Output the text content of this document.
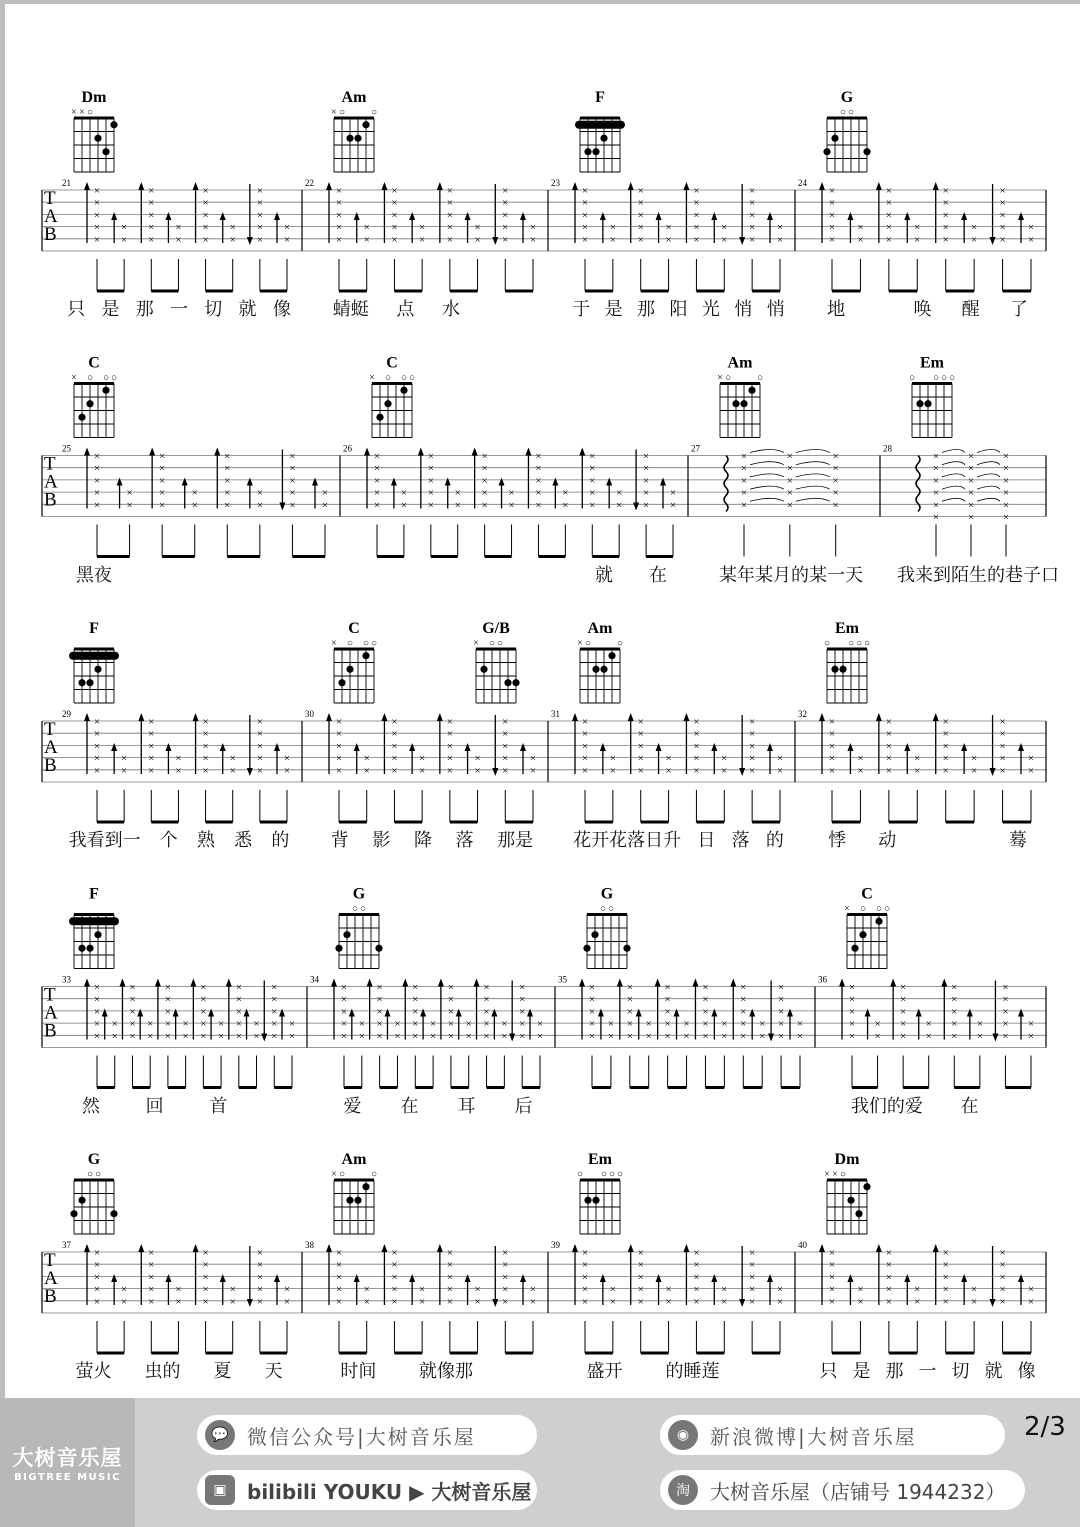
T
A
B
Dm
× × ○
×
×
×
×
×
×
×
×
×
×
×
×
×
×
×
×
×
×
×
×
×
×
×
×
×
×
×
×
Am
× ○	○
×
×
×
×
×
×
×
×
×
×
×
×
×
×
×
×
×
×
×
×
×
×
×
×
×
×
×
×
F
×
×
×
×
×
×
×
×
×
×
×
×
×
×
×
×
×
×
×
×
×
×
×
×
×
×
×
×
G
○ ○
×
×
×
×
×
×
×
×
×
×
×
×
×
×
×
×
×
×
×
×
×
×
×
×
×
×
×
×
21	22	23	24
T
A
B
C
× ○ ○ ○
×
×
×
×
×
×
×
×
×
×
×
×
×
×
×
×
×
×
×
×
×
×
×
×
×
×
×
×
C
× ○ ○ ○
×
×
×
×
×
×
×
×
×
×
×
×
×
×
×
×
×
×
×
×
×
×
×
×
×
×
×
×
×
×
×
×
×
×
×
×
×
×
×
×
×
×
Am
× ○	○
×
×
×
×
×
×
×
×
×
×
×
×
×
×
×
Em
○ ○ ○ ○
×
×
×
×
×
×
×
×
×
×
×
×
×
×
×
×
×
×
25	26	27	28
T
A
B
F
×
×
×
×
×
×
×
×
×
×
×
×
×
×
×
×
×
×
×
×
×
×
×
×
×
×
×
×
C
× ○ ○ ○
G/B
× ○ ○
×
×
×
×
×
×
×
×
×
×
×
×
×
×
×
×
×
×
×
×
×
×
×
×
×
×
×
×
Am
× ○	○
×
×
×
×
×
×
×
×
×
×
×
×
×
×
×
×
×
×
×
×
×
×
×
×
×
×
×
×
Em
○ ○ ○ ○
×
×
×
×
×
×
×
×
×
×
×
×
×
×
×
×
×
×
×
×
×
×
×
×
×
×
×
×
29	30	31	32
T
A
B
F
×
×
×
×
×
×
×
×
×
×
×
×
×
×
×
×
×
×
×
×
×
×
×
×
×
×
×
×
×
×
×
×
×
×
×
×
×
×
×
×
×
×
G
○ ○
×
×
×
×
×
×
×
×
×
×
×
×
×
×
×
×
×
×
×
×
×
×
×
×
×
×
×
×
×
×
×
×
×
×
×
×
×
×
×
×
×
×
G
○ ○
×
×
×
×
×
×
×
×
×
×
×
×
×
×
×
×
×
×
×
×
×
×
×
×
×
×
×
×
×
×
×
×
×
×
×
×
×
×
×
×
×
×
C
× ○ ○ ○
×
×
×
×
×
×
×
×
×
×
×
×
×
×
×
×
×
×
×
×
×
×
×
×
×
×
×
×
33	34	35	36
T
A
B
G
○ ○
×
×
×
×
×
×
×
×
×
×
×
×
×
×
×
×
×
×
×
×
×
×
×
×
×
×
×
×
Am
× ○	○
×
×
×
×
×
×
×
×
×
×
×
×
×
×
×
×
×
×
×
×
×
×
×
×
×
×
×
×
Em
○ ○ ○ ○
×
×
×
×
×
×
×
×
×
×
×
×
×
×
×
×
×
×
×
×
×
×
×
×
×
×
×
×
Dm
× × ○
×
×
×
×
×
×
×
×
×
×
×
×
×
×
×
×
×
×
×
×
×
×
×
×
×
×
×
×
37	38	39	40
只 是 那 一 切 就 像 蜻蜓 点 水	于 是 那 阳 光 悄 悄 地	唤 醒 了
黑夜	就 在	某年某月的某一天 我来到陌生的巷子口
我看到一 个 熟 悉 的 背 影 降 落 那是 花开花落日升 日 落 的 悸 动	蓦
然	回	首	爱 在 耳 后	我们的爱 在
萤火 虫的 夏 天	时间 就像那	盛开 的睡莲	只 是 那 一 切 就 像
大树音乐屋
BIGTREE MUSIC
💬 微信公众号|大树音乐屋	◉	新浪微博|大树音乐屋
▣	bilibili YOUKU ▶ 大树音乐屋	淘	大树音乐屋（店铺号 1944232）
2/3
